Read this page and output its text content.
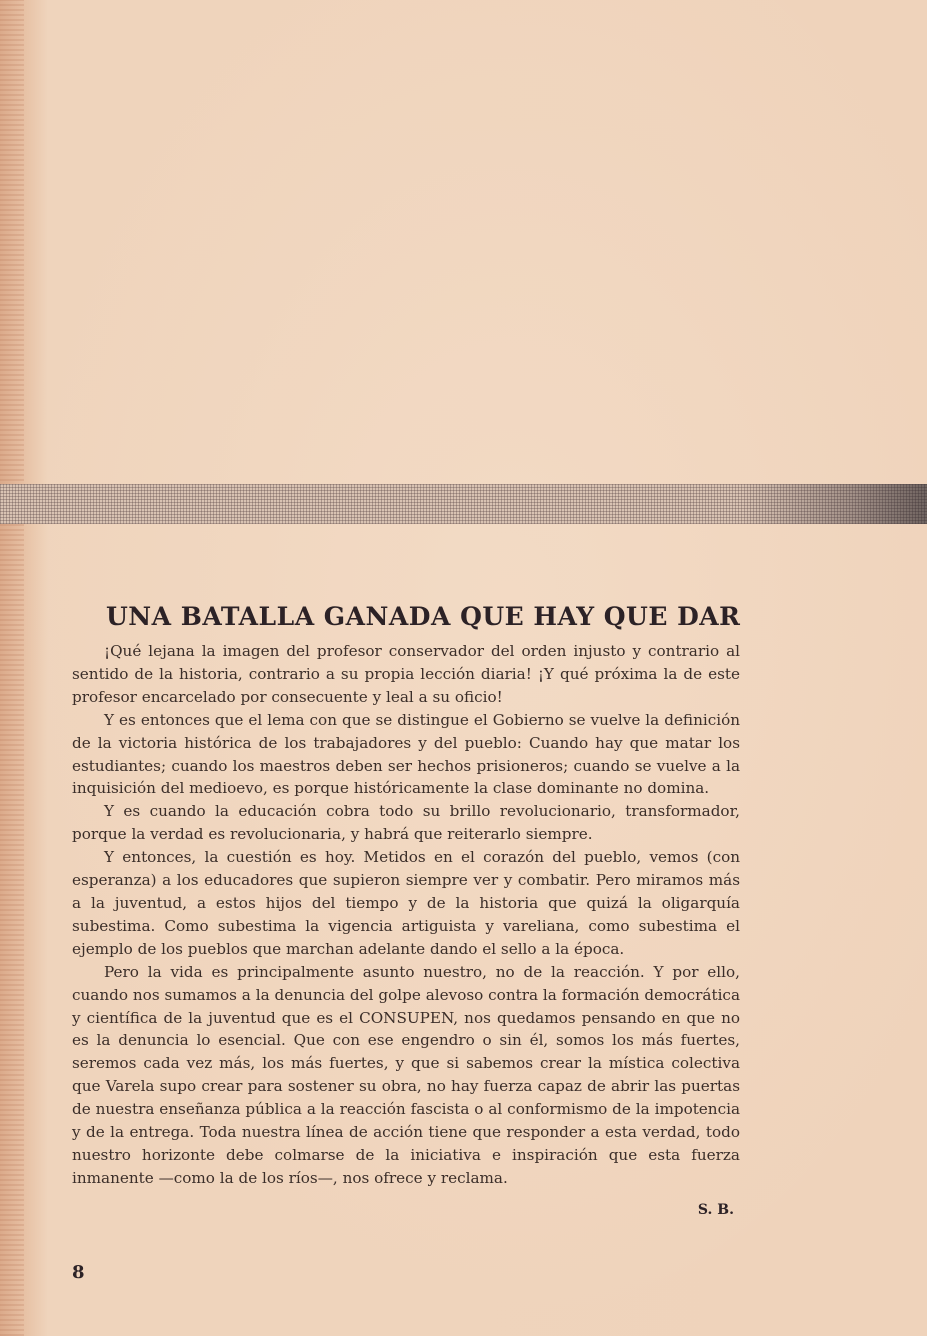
UNA BATALLA GANADA QUE HAY QUE DAR

¡Qué lejana la imagen del profesor conservador del orden injusto y contrario al sentido de la historia, contrario a su propia lección diaria! ¡Y qué próxima la de este profesor encarcelado por consecuente y leal a su oficio!

Y es entonces que el lema con que se distingue el Gobierno se vuelve la definición de la victoria histórica de los trabajadores y del pueblo: Cuando hay que matar los estudiantes; cuando los maestros deben ser hechos prisioneros; cuando se vuelve a la inquisición del medioevo, es porque históricamente la clase dominante no domina.

Y es cuando la educación cobra todo su brillo revolucionario, transformador, porque la verdad es revolucionaria, y habrá que reiterarlo siempre.

Y entonces, la cuestión es hoy. Metidos en el corazón del pueblo, vemos (con esperanza) a los educadores que supieron siempre ver y combatir. Pero miramos más a la juventud, a estos hijos del tiempo y de la historia que quizá la oligarquía subestima. Como subestima la vigencia artiguista y vareliana, como subestima el ejemplo de los pueblos que marchan adelante dando el sello a la época.

Pero la vida es principalmente asunto nuestro, no de la reacción. Y por ello, cuando nos sumamos a la denuncia del golpe alevoso contra la formación democrática y científica de la juventud que es el CONSUPEN, nos quedamos pensando en que no es la denuncia lo esencial. Que con ese engendro o sin él, somos los más fuertes, seremos cada vez más, los más fuertes, y que si sabemos crear la mística colectiva que Varela supo crear para sostener su obra, no hay fuerza capaz de abrir las puertas de nuestra enseñanza pública a la reacción fascista o al conformismo de la impotencia y de la entrega. Toda nuestra línea de acción tiene que responder a esta verdad, todo nuestro horizonte debe colmarse de la iniciativa e inspiración que esta fuerza inmanente —como la de los ríos—, nos ofrece y reclama.

S. B.
8
